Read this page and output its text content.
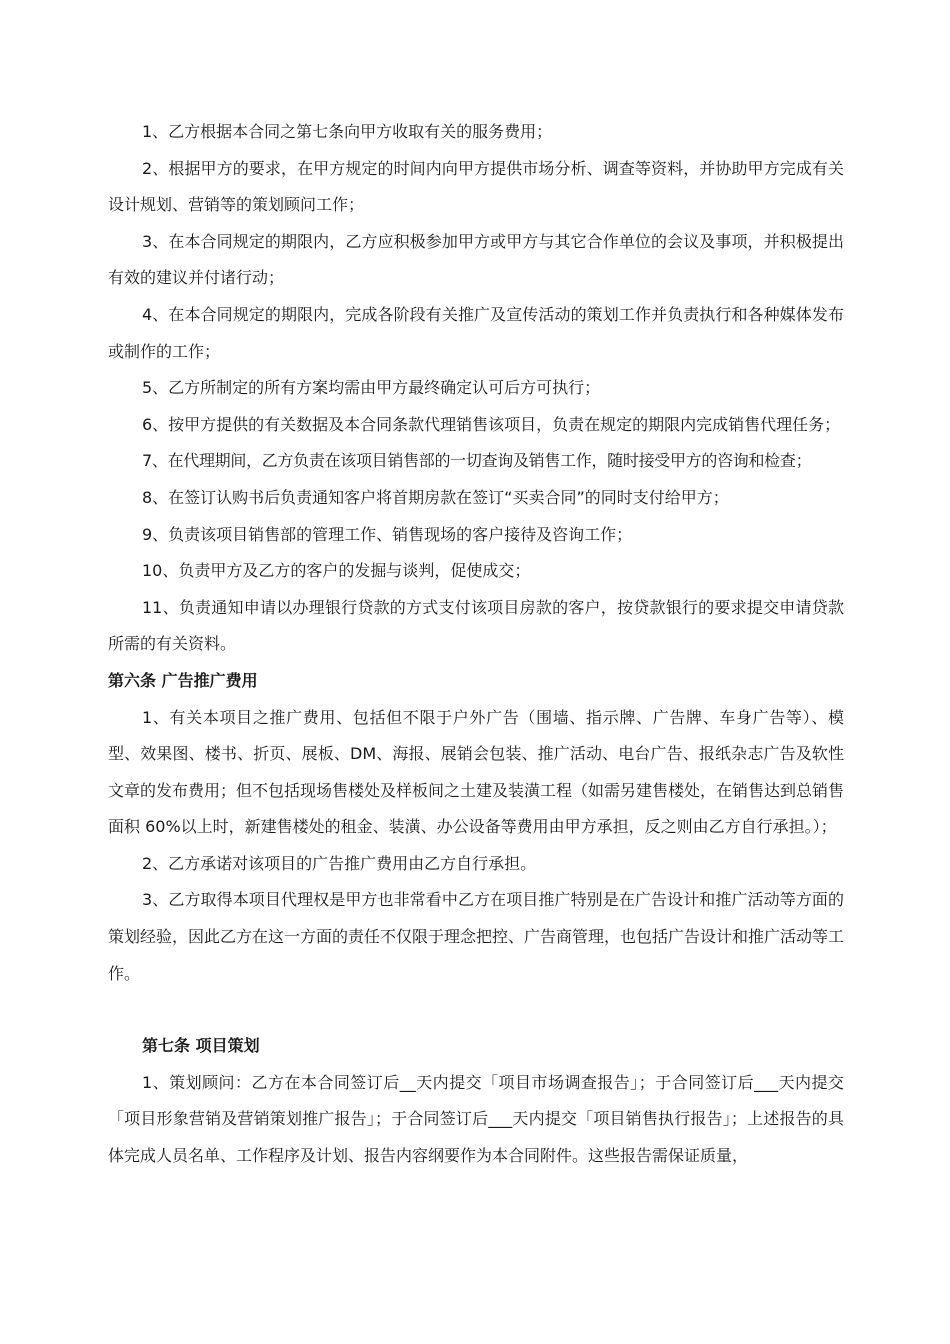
1、乙方根据本合同之第七条向甲方收取有关的服务费用；

2、根据甲方的要求，在甲方规定的时间内向甲方提供市场分析、调查等资料，并协助甲方完成有关设计规划、营销等的策划顾问工作；

3、在本合同规定的期限内，乙方应积极参加甲方或甲方与其它合作单位的会议及事项，并积极提出有效的建议并付诸行动；

4、在本合同规定的期限内，完成各阶段有关推广及宣传活动的策划工作并负责执行和各种媒体发布或制作的工作；

5、乙方所制定的所有方案均需由甲方最终确定认可后方可执行；

6、按甲方提供的有关数据及本合同条款代理销售该项目，负责在规定的期限内完成销售代理任务；

7、在代理期间，乙方负责在该项目销售部的一切查询及销售工作，随时接受甲方的咨询和检查；

8、在签订认购书后负责通知客户将首期房款在签订“买卖合同”的同时支付给甲方；

9、负责该项目销售部的管理工作、销售现场的客户接待及咨询工作；

10、负责甲方及乙方的客户的发掘与谈判，促使成交；

11、负责通知申请以办理银行贷款的方式支付该项目房款的客户，按贷款银行的要求提交申请贷款所需的有关资料。

第六条 广告推广费用

1、有关本项目之推广费用、包括但不限于户外广告（围墙、指示牌、广告牌、车身广告等）、模型、效果图、楼书、折页、展板、DM、海报、展销会包装、推广活动、电台广告、报纸杂志广告及软性文章的发布费用；但不包括现场售楼处及样板间之土建及装潢工程（如需另建售楼处，在销售达到总销售面积 60%以上时，新建售楼处的租金、装潢、办公设备等费用由甲方承担，反之则由乙方自行承担。）；

2、乙方承诺对该项目的广告推广费用由乙方自行承担。

3、乙方取得本项目代理权是甲方也非常看中乙方在项目推广特别是在广告设计和推广活动等方面的策划经验，因此乙方在这一方面的责任不仅限于理念把控、广告商管理，也包括广告设计和推广活动等工作。

第七条 项目策划

1、策划顾问：乙方在本合同签订后__天内提交「项目市场调查报告」；于合同签订后___天内提交「项目形象营销及营销策划推广报告」；于合同签订后___天内提交「项目销售执行报告」；上述报告的具体完成人员名单、工作程序及计划、报告内容纲要作为本合同附件。这些报告需保证质量，
